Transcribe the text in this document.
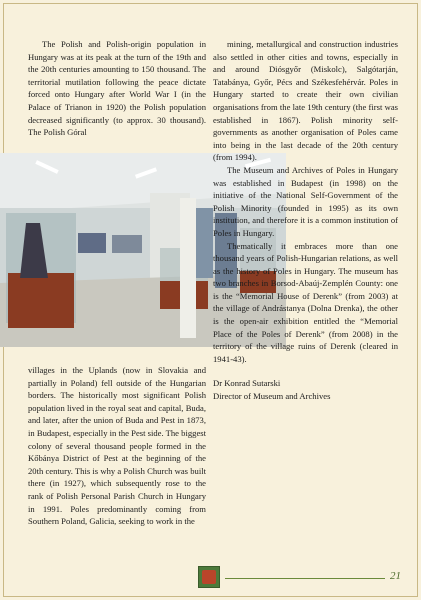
The Polish and Polish-origin population in Hungary was at its peak at the turn of the 19th and the 20th centuries amounting to 150 thousand. The territorial mutilation following the peace dictate forced onto Hungary after World War I (in the Palace of Trianon in 1920) the Polish population decreased significantly (to approx. 30 thousand). The Polish Góral

mining, metallurgical and construction industries also settled in other cities and towns, especially in and around Diósgyőr (Miskolc), Salgótarján, Tatabánya, Győr, Pécs and Székesfehérvár. Poles in Hungary started to create their own civilian organisations from the late 19th century (the first was established in 1867). Polish minority self-governments as another organisation of Poles came into being in the last decade of the 20th century (from 1994).

The Museum and Archives of Poles in Hungary was established in Budapest (in 1998) on the initiative of the National Self-Government of the Polish Minority (founded in 1995) as its own institution, and therefore it is a common institution of Poles in Hungary.

Thematically it embraces more than one thousand years of Polish-Hungarian relations, as well as the history of Poles in Hungary. The museum has two branches in Borsod-Abaúj-Zemplén County: one is the “Memorial House of Derenk” (from 2003) at the village of Andrástanya (Dolna Drenka), the other is the open-air exhibition entitled the “Memorial Place of the Poles of Derenk” (from 2008) in the territory of the village ruins of Derenk (cleared in 1941-43).

Dr Konrad Sutarski

Director of Museum and Archives

villages in the Uplands (now in Slovakia and partially in Poland) fell outside of the Hungarian borders. The historically most significant Polish population lived in the royal seat and capital, Buda, and later, after the union of Buda and Pest in 1873, in Budapest, especially in the Pest side. The biggest colony of several thousand people formed in the Kőbánya District of Pest at the beginning of the 20th century. This is why a Polish Church was built there (in 1927), which subsequently rose to the rank of Polish Personal Parish Church in Hungary in 1991. Poles predominantly coming from Southern Poland, Galicia, seeking to work in the

21
